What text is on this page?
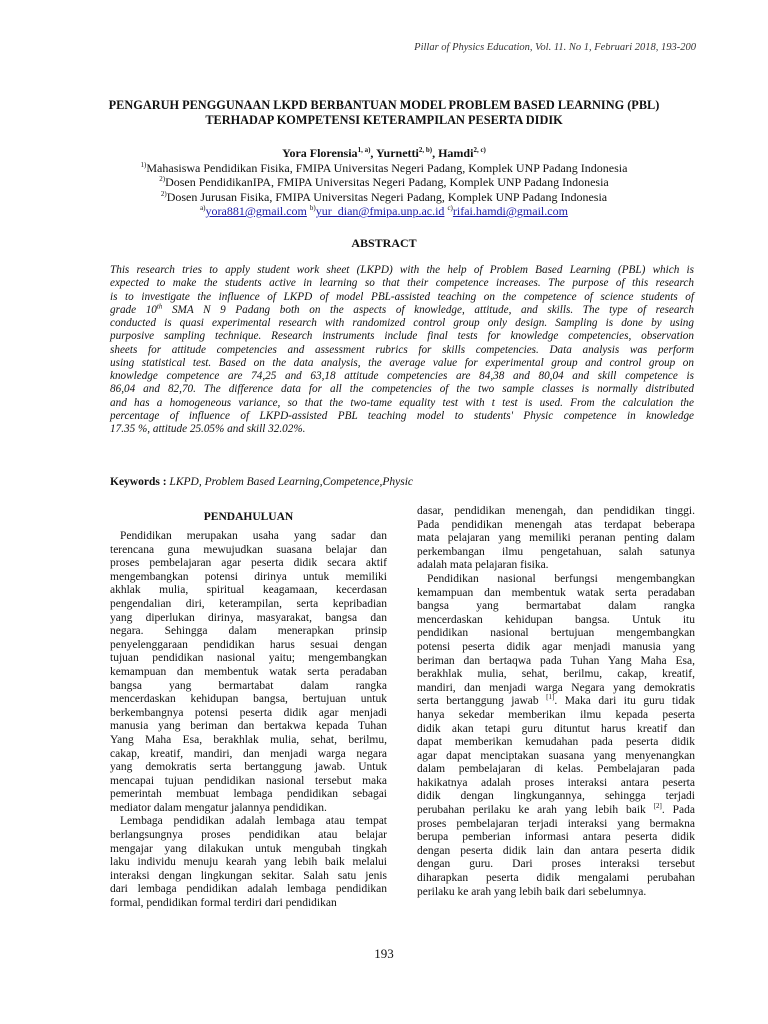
Pillar of Physics Education, Vol. 11. No 1, Februari 2018, 193-200
PENGARUH PENGGUNAAN LKPD BERBANTUAN MODEL PROBLEM BASED LEARNING (PBL)
TERHADAP KOMPETENSI KETERAMPILAN PESERTA DIDIK
Yora Florensia$^{1, a)}$, Yurnetti$^{2, b)}$, Hamdi$^{2, c)}$
$^{1)}$Mahasiswa Pendidikan Fisika, FMIPA Universitas Negeri Padang, Komplek UNP Padang Indonesia
$^{2)}$Dosen PendidikanIPA, FMIPA Universitas Negeri Padang, Komplek UNP Padang Indonesia
$^{2)}$Dosen Jurusan Fisika, FMIPA Universitas Negeri Padang, Komplek UNP Padang Indonesia
$^{a)}$yora881@gmail.com $^{b)}$yur_dian@fmipa.unp.ac.id $^{c)}$rifai.hamdi@gmail.com
ABSTRACT

This research tries to apply student work sheet (LKPD) with the help of Problem Based Learning (PBL) which is

expected to make the students active in learning so that their competence increases. The purpose of this research

is to investigate the influence of LKPD of model PBL-assisted teaching on the competence of science students of

grade 10th SMA N 9 Padang both on the aspects of knowledge, attitude, and skills. The type of research

conducted is quasi experimental research with randomized control group only design. Sampling is done by using

purposive sampling technique. Research instruments include final tests for knowledge competencies, observation

sheets for attitude competencies and assessment rubrics for skills competencies. Data analysis was perform

using statistical test. Based on the data analysis, the average value for experimental group and control group on

knowledge competence are 74,25 and 63,18 attitude competencies are 84,38 and 80,04 and skill competence is

86,04 and 82,70. The difference data for all the competencies of the two sample classes is normally distributed

and has a homogeneous variance, so that the two-tame equality test with t test is used. From the calculation the

percentage of influence of LKPD-assisted PBL teaching model to students' Physic competence in knowledge

17.35 %, attitude 25.05% and skill 32.02%.

Keywords : LKPD, Problem Based Learning,Competence,Physic
PENDAHULUAN
Pendidikan merupakan usaha yang sadar dan
terencana guna mewujudkan suasana belajar dan
proses pembelajaran agar peserta didik secara aktif
mengembangkan potensi dirinya untuk memiliki
akhlak mulia, spiritual keagamaan, kecerdasan
pengendalian diri, keterampilan, serta kepribadian
yang diperlukan dirinya, masyarakat, bangsa dan
negara. Sehingga dalam menerapkan prinsip
penyelenggaraan pendidikan harus sesuai dengan
tujuan pendidikan nasional yaitu; mengembangkan
kemampuan dan membentuk watak serta peradaban
bangsa yang bermartabat dalam rangka
mencerdaskan kehidupan bangsa, bertujuan untuk
berkembangnya potensi peserta didik agar menjadi
manusia yang beriman dan bertakwa kepada Tuhan
Yang Maha Esa, berakhlak mulia, sehat, berilmu,
cakap, kreatif, mandiri, dan menjadi warga negara
yang demokratis serta bertanggung jawab. Untuk
mencapai tujuan pendidikan nasional tersebut maka
pemerintah membuat lembaga pendidikan sebagai
mediator dalam mengatur jalannya pendidikan.
Lembaga pendidikan adalah lembaga atau tempat
berlangsungnya proses pendidikan atau belajar
mengajar yang dilakukan untuk mengubah tingkah
laku individu menuju kearah yang lebih baik melalui
interaksi dengan lingkungan sekitar. Salah satu jenis
dari lembaga pendidikan adalah lembaga pendidikan
formal, pendidikan formal terdiri dari pendidikan
dasar, pendidikan menengah, dan pendidikan tinggi.
Pada pendidikan menengah atas terdapat beberapa
mata pelajaran yang memiliki peranan penting dalam
perkembangan ilmu pengetahuan, salah satunya
adalah mata pelajaran fisika.
Pendidikan nasional berfungsi mengembangkan
kemampuan dan membentuk watak serta peradaban
bangsa yang bermartabat dalam rangka
mencerdaskan kehidupan bangsa. Untuk itu
pendidikan nasional bertujuan mengembangkan
potensi peserta didik agar menjadi manusia yang
beriman dan bertaqwa pada Tuhan Yang Maha Esa,
berakhlak mulia, sehat, berilmu, cakap, kreatif,
mandiri, dan menjadi warga Negara yang demokratis
serta bertanggung jawab [1]. Maka dari itu guru tidak
hanya sekedar memberikan ilmu kepada peserta
didik akan tetapi guru dituntut harus kreatif dan
dapat memberikan kemudahan pada peserta didik
agar dapat menciptakan suasana yang menyenangkan
dalam pembelajaran di kelas. Pembelajaran pada
hakikatnya adalah proses interaksi antara peserta
didik dengan lingkungannya, sehingga terjadi
perubahan perilaku ke arah yang lebih baik [2]. Pada
proses pembelajaran terjadi interaksi yang bermakna
berupa pemberian informasi antara peserta didik
dengan peserta didik lain dan antara peserta didik
dengan guru. Dari proses interaksi tersebut
diharapkan peserta didik mengalami perubahan
perilaku ke arah yang lebih baik dari sebelumnya.
193
